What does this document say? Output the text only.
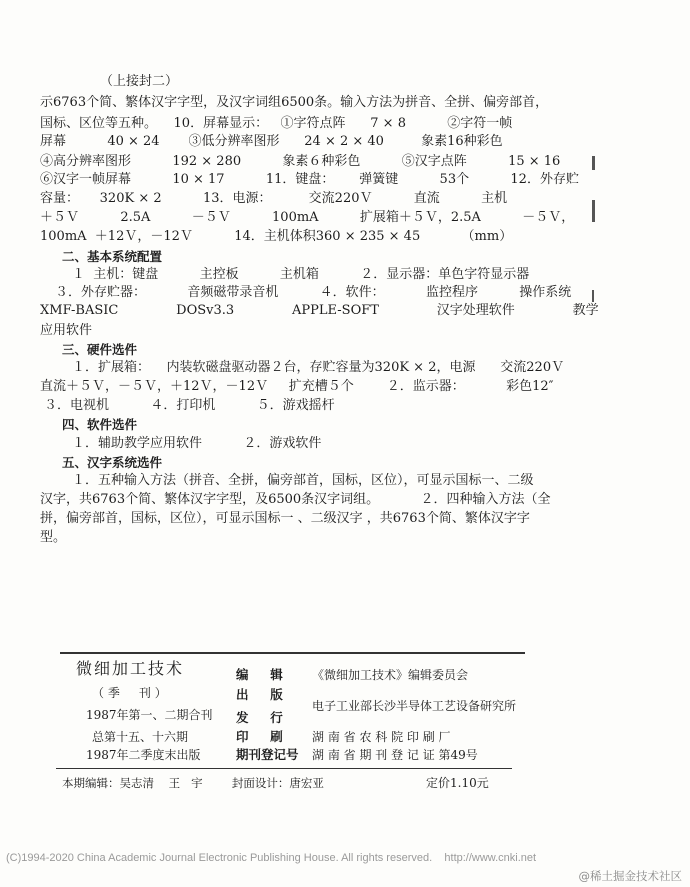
（上接封二）
示6763个简、繁体汉字字型，及汉字词组6500条。输入方法为拼音、全拼、偏旁部首，
国标、区位等五种。    10．屏幕显示：   ①字符点阵      7 × 8          ②字符一帧
屏幕          40 × 24       ③低分辨率图形      24 × 2 × 40         象素16种彩色
④高分辨率图形          192 × 280          象素６种彩色          ⑤汉字点阵          15 × 16
⑥汉字一帧屏幕          10 × 17          11．键盘：      弹簧键          53个          12．外存贮
容量：     320K × 2          13．电源：         交流220Ｖ          直流          主机
＋５Ｖ          2.5A          －５Ｖ          100mA          扩展箱＋５Ｖ，2.5A          －５Ｖ，
100mA  ＋12Ｖ，－12Ｖ          14．主机体积360 × 235 × 45          （mm）
二、基本系统配置
１  主机：键盘          主控板          主机箱          ２．显示器：单色字符显示器
３．外存贮器：          音频磁带录音机          ４．软件：          监控程序          操作系统
XMF-BASIC              DOSv3.3              APPLE-SOFT              汉字处理软件              教学
应用软件
三、硬件选件
１．扩展箱：    内装软磁盘驱动器２台，存贮容量为320K × 2，电源      交流220Ｖ
直流＋５Ｖ，－５Ｖ，＋12Ｖ，－12Ｖ     扩充槽５个        ２．监示器：          彩色12″
３．电视机          ４．打印机          ５．游戏摇杆
四、软件选件
１．辅助教学应用软件          ２．游戏软件
五、汉字系统选件
１．五种输入方法（拼音、全拼，偏旁部首，国标，区位），可显示国标一、二级
汉字，共6763个简、繁体汉字字型，及6500条汉字词组。          ２．四种输入方法（全
拼，偏旁部首，国标，区位），可显示国标一 、二级汉字 ，共6763个简、繁体汉字字
型。
微细加工技术
（ 季     刊 ）
1987年第一、二期合刊
总第十五、十六期
1987年二季度末出版
编     辑
出     版
发     行
印     刷
期刊登记号
《微细加工技术》编辑委员会
电子工业部长沙半导体工艺设备研究所
湖 南 省 农 科 院 印 刷 厂
湖 南 省 期 刊 登 记 证 第49号
本期编辑：吴志清    王   宇        封面设计：唐宏亚	定价1.10元
(C)1994-2020 China Academic Journal Electronic Publishing House. All rights reserved.    http://www.cnki.net
@稀土掘金技术社区
